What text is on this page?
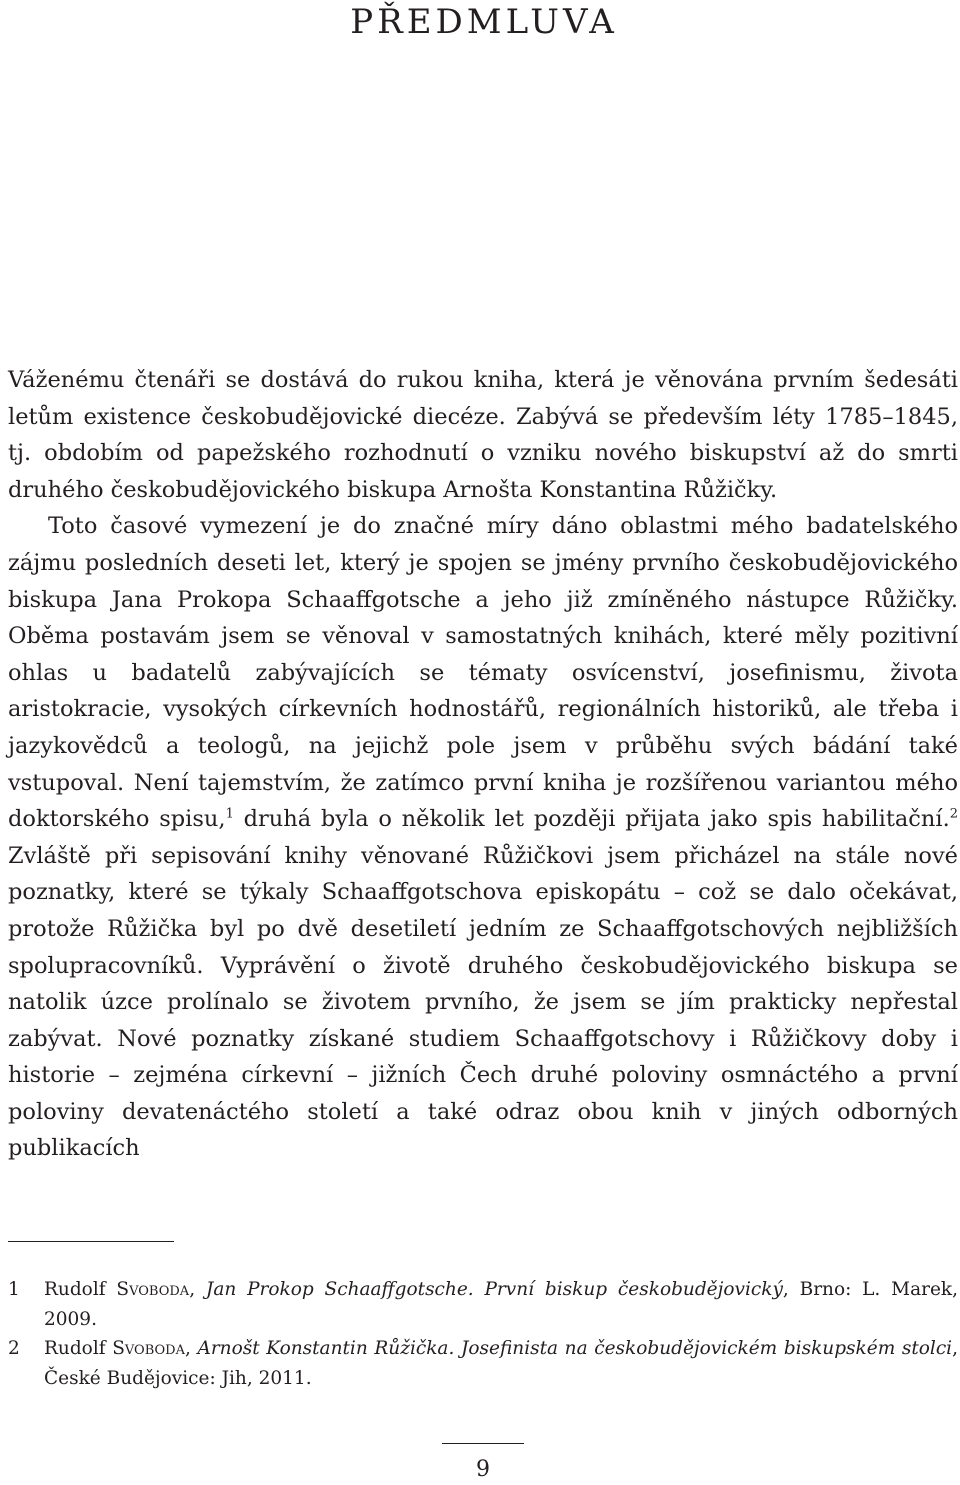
PŘEDMLUVA

Váženému čtenáři se dostává do rukou kniha, která je věnována prvním šedesáti letům existence českobudějovické diecéze. Zabývá se především léty 1785–1845, tj. obdobím od papežského rozhodnutí o vzniku nového biskupství až do smrti druhého českobudějovického biskupa Arnošta Konstantina Růžičky.

Toto časové vymezení je do značné míry dáno oblastmi mého badatelského zájmu posledních deseti let, který je spojen se jmény prvního českobudějovického biskupa Jana Prokopa Schaaffgotsche a jeho již zmíněného nástupce Růžičky. Oběma postavám jsem se věnoval v samostatných knihách, které měly pozitivní ohlas u badatelů zabývajících se tématy osvícenství, josefinismu, života aristokracie, vysokých církevních hodnostářů, regionálních historiků, ale třeba i jazykovědců a teologů, na jejichž pole jsem v průběhu svých bádání také vstupoval. Není tajemstvím, že zatímco první kniha je rozšířenou variantou mého doktorského spisu,$^1$ druhá byla o několik let později přijata jako spis habilitační.$^2$ Zvláště při sepisování knihy věnované Růžičkovi jsem přicházel na stále nové poznatky, které se týkaly Schaaffgotschova episkopátu – což se dalo očekávat, protože Růžička byl po dvě desetiletí jedním ze Schaaffgotschových nejbližších spolupracovníků. Vyprávění o životě druhého českobudějovického biskupa se natolik úzce prolínalo se životem prvního, že jsem se jím prakticky nepřestal zabývat. Nové poznatky získané studiem Schaaffgotschovy i Růžičkovy doby i historie – zejména církevní – jižních Čech druhé poloviny osmnáctého a první poloviny devatenáctého století a také odraz obou knih v jiných odborných publikacích

1 Rudolf Svoboda, Jan Prokop Schaaffgotsche. První biskup českobudějovický, Brno: L. Marek, 2009.

2 Rudolf Svoboda, Arnošt Konstantin Růžička. Josefinista na českobudějovickém biskupském stolci, České Budějovice: Jih, 2011.

9
